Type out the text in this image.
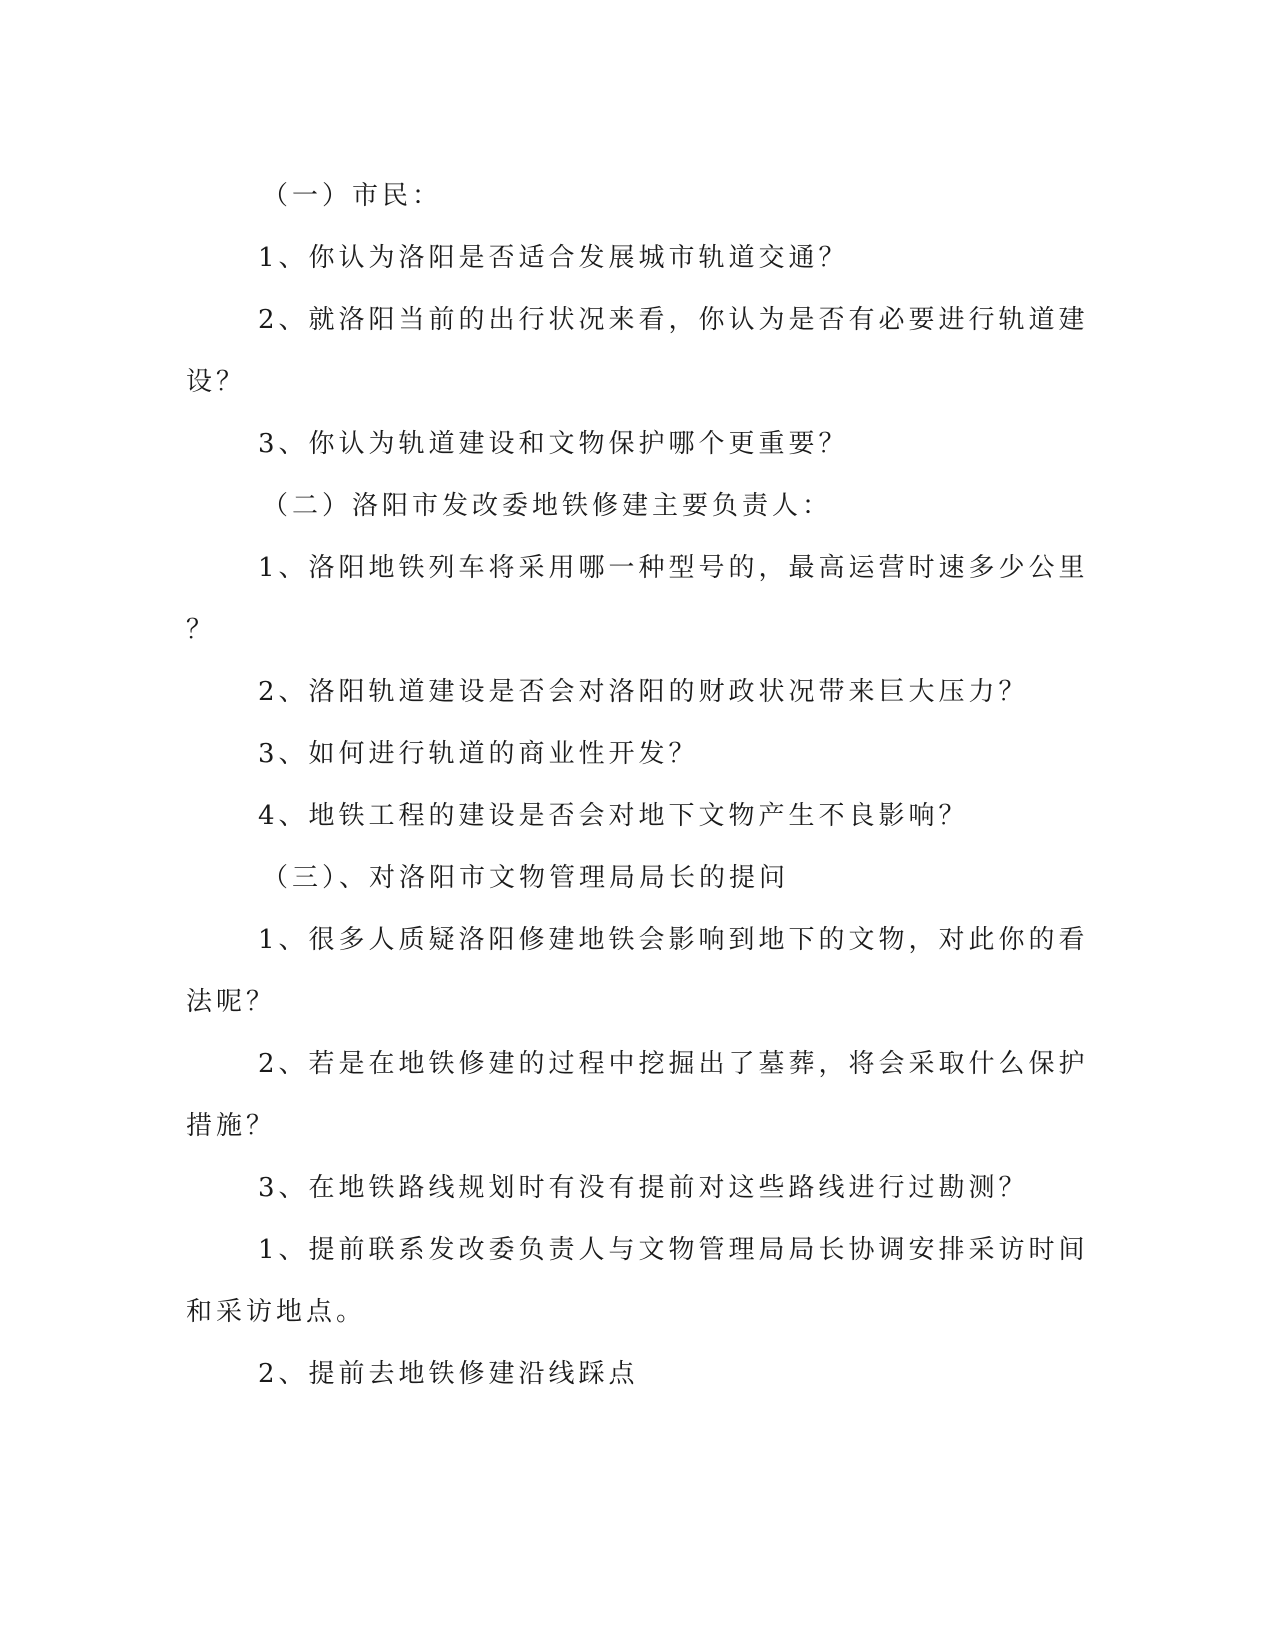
（一）市民：

1、你认为洛阳是否适合发展城市轨道交通？

2、就洛阳当前的出行状况来看，你认为是否有必要进行轨道建

设？

3、你认为轨道建设和文物保护哪个更重要？

（二）洛阳市发改委地铁修建主要负责人：

1、洛阳地铁列车将采用哪一种型号的，最高运营时速多少公里

？

2、洛阳轨道建设是否会对洛阳的财政状况带来巨大压力？

3、如何进行轨道的商业性开发？

4、地铁工程的建设是否会对地下文物产生不良影响？

（三）、对洛阳市文物管理局局长的提问

1、很多人质疑洛阳修建地铁会影响到地下的文物，对此你的看

法呢？

2、若是在地铁修建的过程中挖掘出了墓葬，将会采取什么保护

措施？

3、在地铁路线规划时有没有提前对这些路线进行过勘测？

1、提前联系发改委负责人与文物管理局局长协调安排采访时间

和采访地点。

2、提前去地铁修建沿线踩点
